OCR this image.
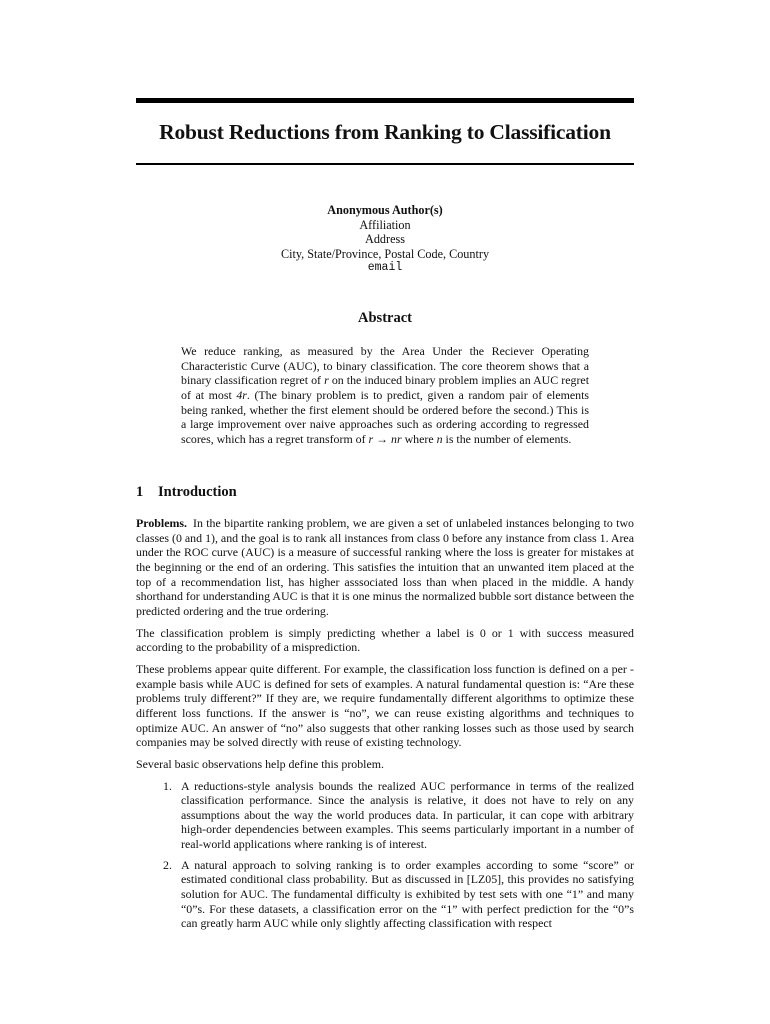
Robust Reductions from Ranking to Classification
Anonymous Author(s)
Affiliation
Address
City, State/Province, Postal Code, Country
email
Abstract
We reduce ranking, as measured by the Area Under the Reciever Operating Characteristic Curve (AUC), to binary classification. The core theorem shows that a binary classification regret of r on the induced binary problem implies an AUC regret of at most 4r. (The binary problem is to predict, given a random pair of elements being ranked, whether the first element should be ordered before the second.) This is a large improvement over naive approaches such as ordering according to regressed scores, which has a regret transform of r → nr where n is the number of elements.
1 Introduction

Problems. In the bipartite ranking problem, we are given a set of unlabeled instances belonging to two classes (0 and 1), and the goal is to rank all instances from class 0 before any instance from class 1. Area under the ROC curve (AUC) is a measure of successful ranking where the loss is greater for mistakes at the beginning or the end of an ordering. This satisfies the intuition that an unwanted item placed at the top of a recommendation list, has higher asssociated loss than when placed in the middle. A handy shorthand for understanding AUC is that it is one minus the normalized bubble sort distance between the predicted ordering and the true ordering.

The classification problem is simply predicting whether a label is 0 or 1 with success measured according to the probability of a misprediction.

These problems appear quite different. For example, the classification loss function is defined on a per - example basis while AUC is defined for sets of examples. A natural fundamental question is: “Are these problems truly different?” If they are, we require fundamentally different algorithms to optimize these different loss functions. If the answer is “no”, we can reuse existing algorithms and techniques to optimize AUC. An answer of “no” also suggests that other ranking losses such as those used by search companies may be solved directly with reuse of existing technology.

Several basic observations help define this problem.

1. A reductions-style analysis bounds the realized AUC performance in terms of the realized classification performance. Since the analysis is relative, it does not have to rely on any assumptions about the way the world produces data. In particular, it can cope with arbitrary high-order dependencies between examples. This seems particularly important in a number of real-world applications where ranking is of interest.
2. A natural approach to solving ranking is to order examples according to some “score” or estimated conditional class probability. But as discussed in [LZ05], this provides no satisfying solution for AUC. The fundamental difficulty is exhibited by test sets with one “1” and many “0”s. For these datasets, a classification error on the “1” with perfect prediction for the “0”s can greatly harm AUC while only slightly affecting classification with respect
